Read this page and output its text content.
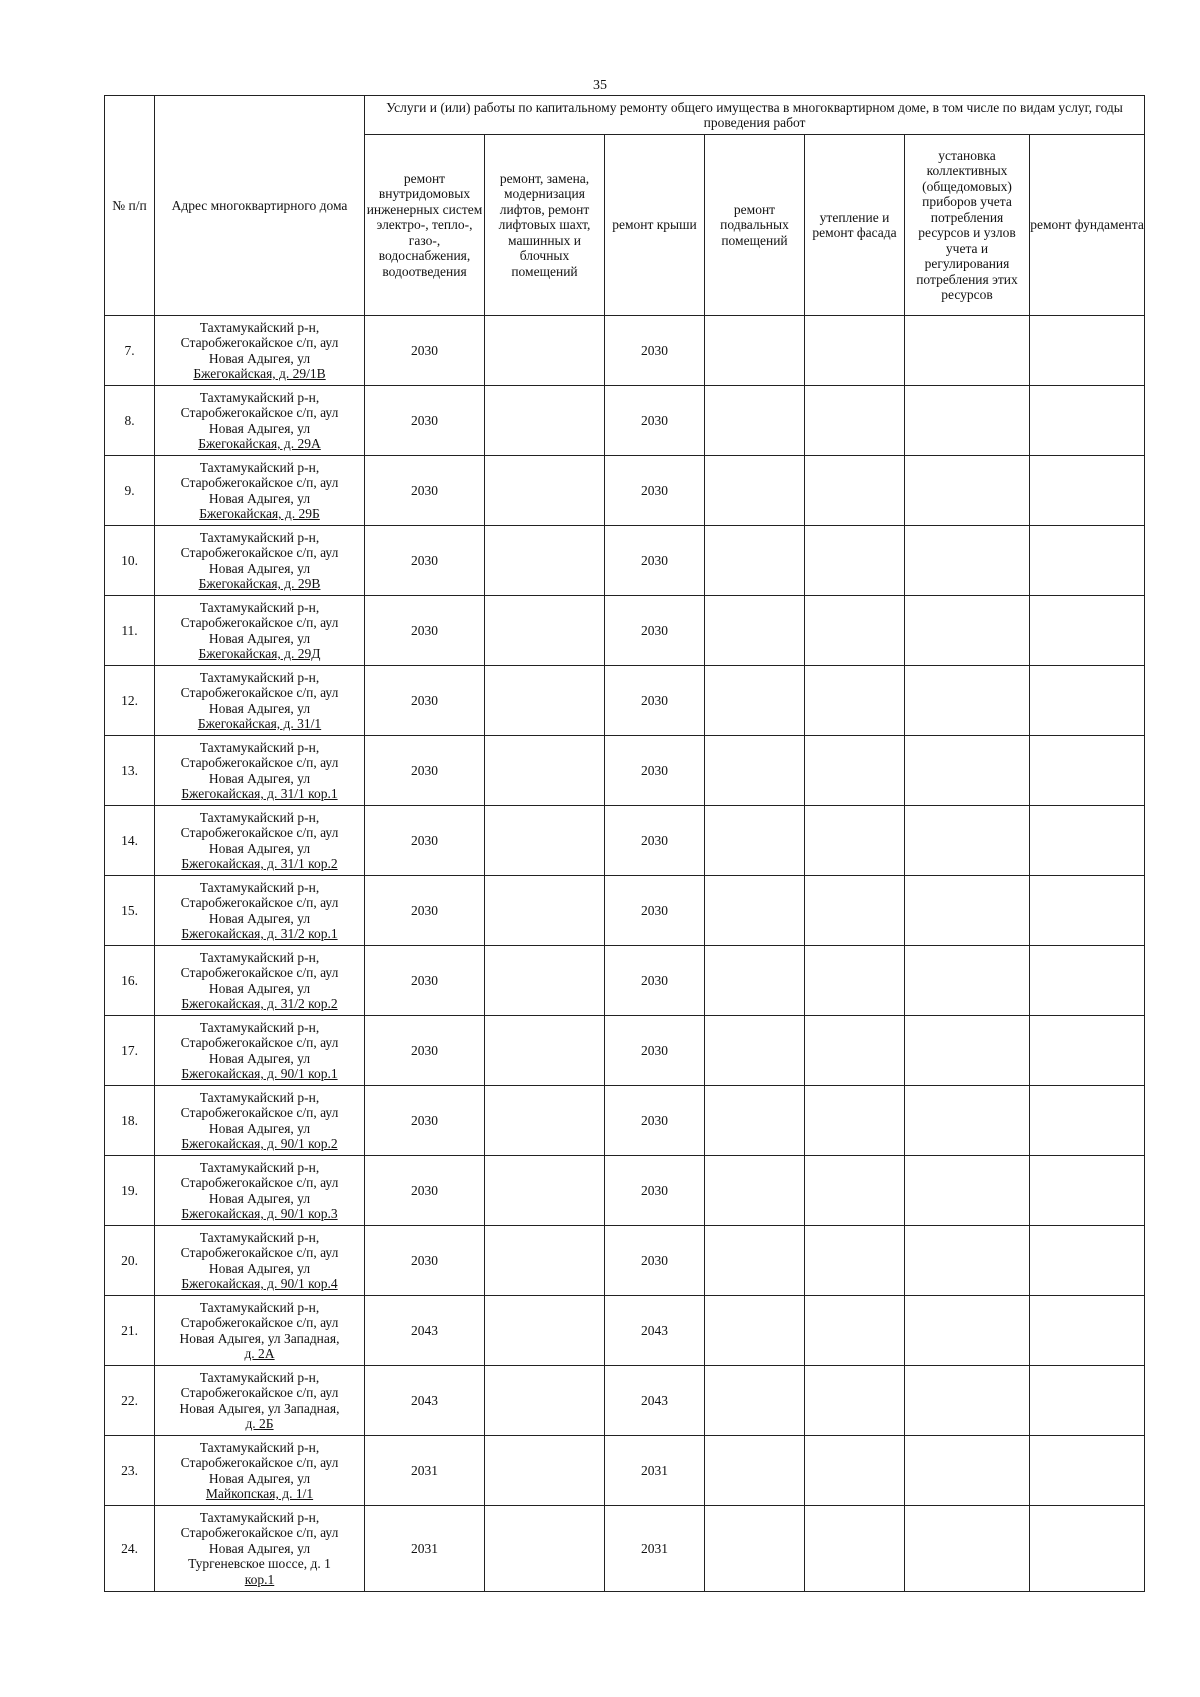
35
№ п/п	Адрес многоквартирного дома	Услуги и (или) работы по капитальному ремонту общего имущества в многоквартирном доме, в том числе по видам услуг, годы проведения работ						
		ремонт внутридомовых инженерных систем электро-, тепло-, газо-, водоснабжения, водоотведения	ремонт, замена, модернизация лифтов, ремонт лифтовых шахт, машинных и блочных помещений	ремонт крыши	ремонт подвальных помещений	утепление и ремонт фасада	установка коллективных (общедомовых) приборов учета потребления ресурсов и узлов учета и регулирования потребления этих ресурсов	ремонт фундамента
7.	Тахтамукайский р-н,
Старобжегокайское с/п, аул
Новая Адыгея, ул
Бжегокайская, д. 29/1В	2030		2030				
8.	Тахтамукайский р-н,
Старобжегокайское с/п, аул
Новая Адыгея, ул
Бжегокайская, д. 29А	2030		2030				
9.	Тахтамукайский р-н,
Старобжегокайское с/п, аул
Новая Адыгея, ул
Бжегокайская, д. 29Б	2030		2030				
10.	Тахтамукайский р-н,
Старобжегокайское с/п, аул
Новая Адыгея, ул
Бжегокайская, д. 29В	2030		2030				
11.	Тахтамукайский р-н,
Старобжегокайское с/п, аул
Новая Адыгея, ул
Бжегокайская, д. 29Д	2030		2030				
12.	Тахтамукайский р-н,
Старобжегокайское с/п, аул
Новая Адыгея, ул
Бжегокайская, д. 31/1	2030		2030				
13.	Тахтамукайский р-н,
Старобжегокайское с/п, аул
Новая Адыгея, ул
Бжегокайская, д. 31/1 кор.1	2030		2030				
14.	Тахтамукайский р-н,
Старобжегокайское с/п, аул
Новая Адыгея, ул
Бжегокайская, д. 31/1 кор.2	2030		2030				
15.	Тахтамукайский р-н,
Старобжегокайское с/п, аул
Новая Адыгея, ул
Бжегокайская, д. 31/2 кор.1	2030		2030				
16.	Тахтамукайский р-н,
Старобжегокайское с/п, аул
Новая Адыгея, ул
Бжегокайская, д. 31/2 кор.2	2030		2030				
17.	Тахтамукайский р-н,
Старобжегокайское с/п, аул
Новая Адыгея, ул
Бжегокайская, д. 90/1 кор.1	2030		2030				
18.	Тахтамукайский р-н,
Старобжегокайское с/п, аул
Новая Адыгея, ул
Бжегокайская, д. 90/1 кор.2	2030		2030				
19.	Тахтамукайский р-н,
Старобжегокайское с/п, аул
Новая Адыгея, ул
Бжегокайская, д. 90/1 кор.3	2030		2030				
20.	Тахтамукайский р-н,
Старобжегокайское с/п, аул
Новая Адыгея, ул
Бжегокайская, д. 90/1 кор.4	2030		2030				
21.	Тахтамукайский р-н,
Старобжегокайское с/п, аул
Новая Адыгея, ул Западная,
д. 2А	2043		2043				
22.	Тахтамукайский р-н,
Старобжегокайское с/п, аул
Новая Адыгея, ул Западная,
д. 2Б	2043		2043				
23.	Тахтамукайский р-н,
Старобжегокайское с/п, аул
Новая Адыгея, ул
Майкопская, д. 1/1	2031		2031				
24.	Тахтамукайский р-н,
Старобжегокайское с/п, аул
Новая Адыгея, ул
Тургеневское шоссе, д. 1
кор.1	2031		2031				
